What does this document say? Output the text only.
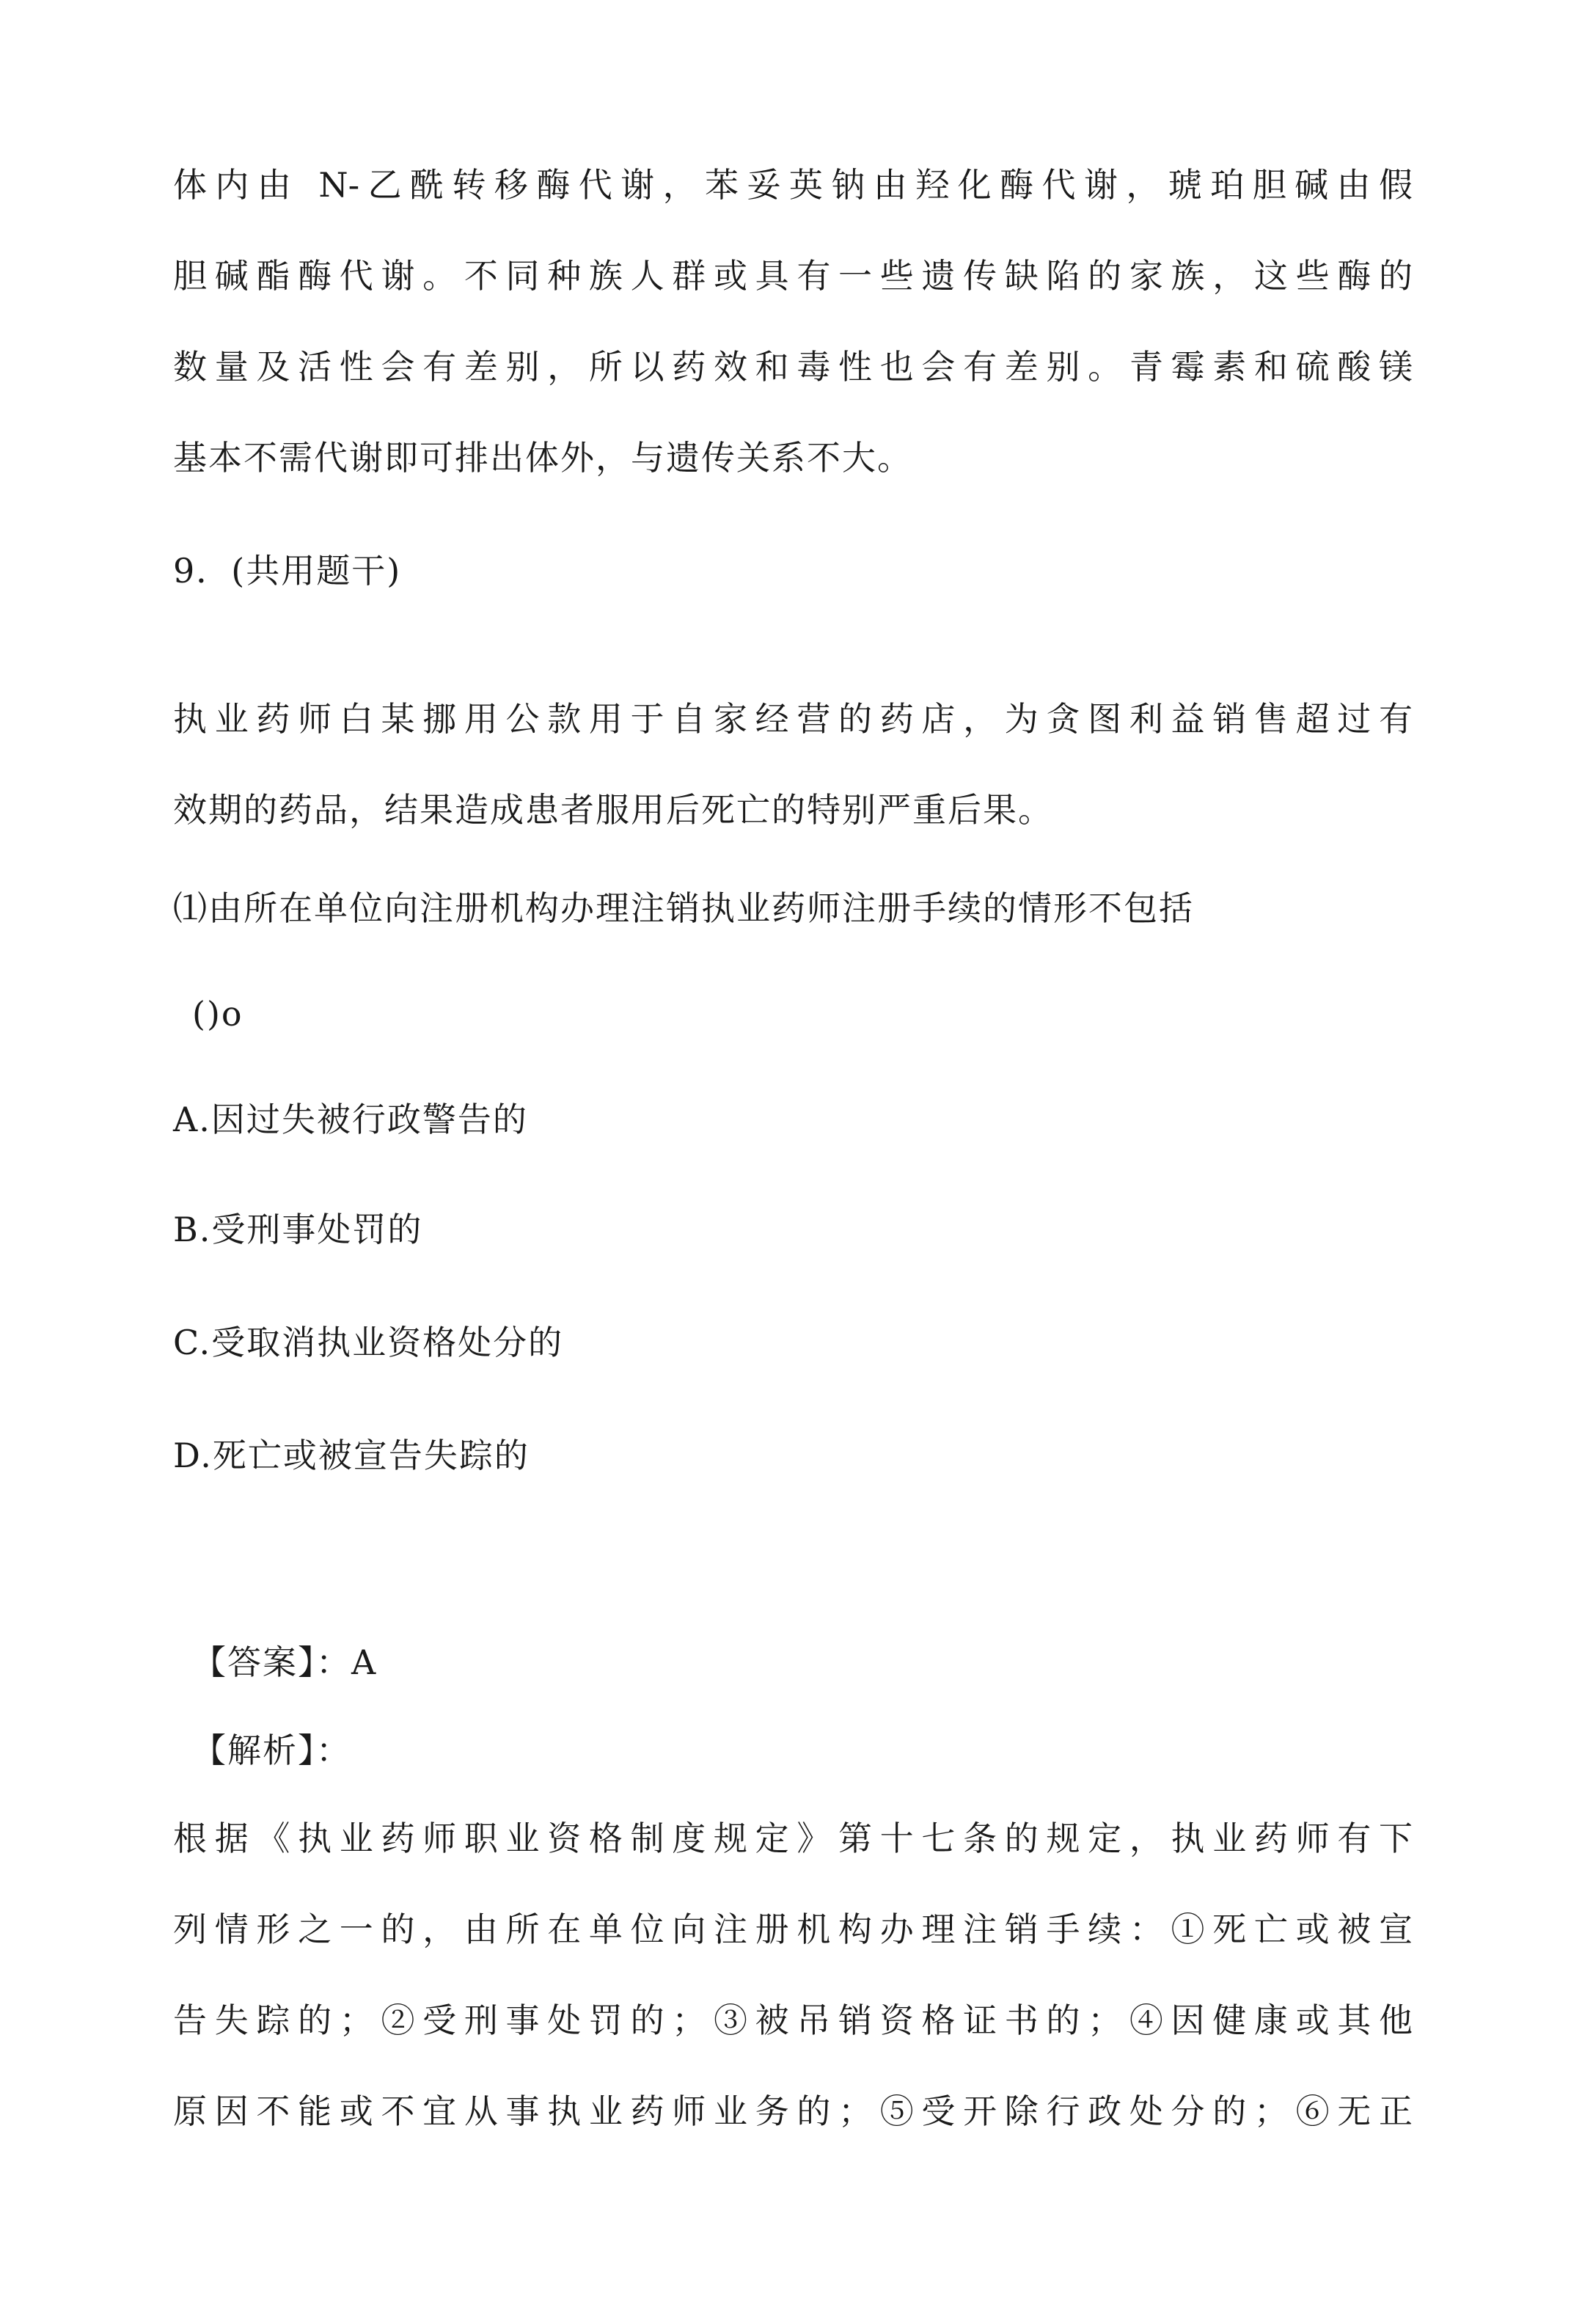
体内由 N-乙酰转移酶代谢，苯妥英钠由羟化酶代谢，琥珀胆碱由假
胆碱酯酶代谢。不同种族人群或具有一些遗传缺陷的家族，这些酶的
数量及活性会有差别，所以药效和毒性也会有差别。青霉素和硫酸镁
基本不需代谢即可排出体外，与遗传关系不大。
9．(共用题干)
执业药师白某挪用公款用于自家经营的药店，为贪图利益销售超过有
效期的药品，结果造成患者服用后死亡的特别严重后果。
⑴由所在单位向注册机构办理注销执业药师注册手续的情形不包括
()o
A.因过失被行政警告的
B.受刑事处罚的
C.受取消执业资格处分的
D.死亡或被宣告失踪的
【答案】：A
【解析】：
根据《执业药师职业资格制度规定》第十七条的规定，执业药师有下
列情形之一的，由所在单位向注册机构办理注销手续：①死亡或被宣
告失踪的；②受刑事处罚的；③被吊销资格证书的；④因健康或其他
原因不能或不宜从事执业药师业务的；⑤受开除行政处分的；⑥无正
